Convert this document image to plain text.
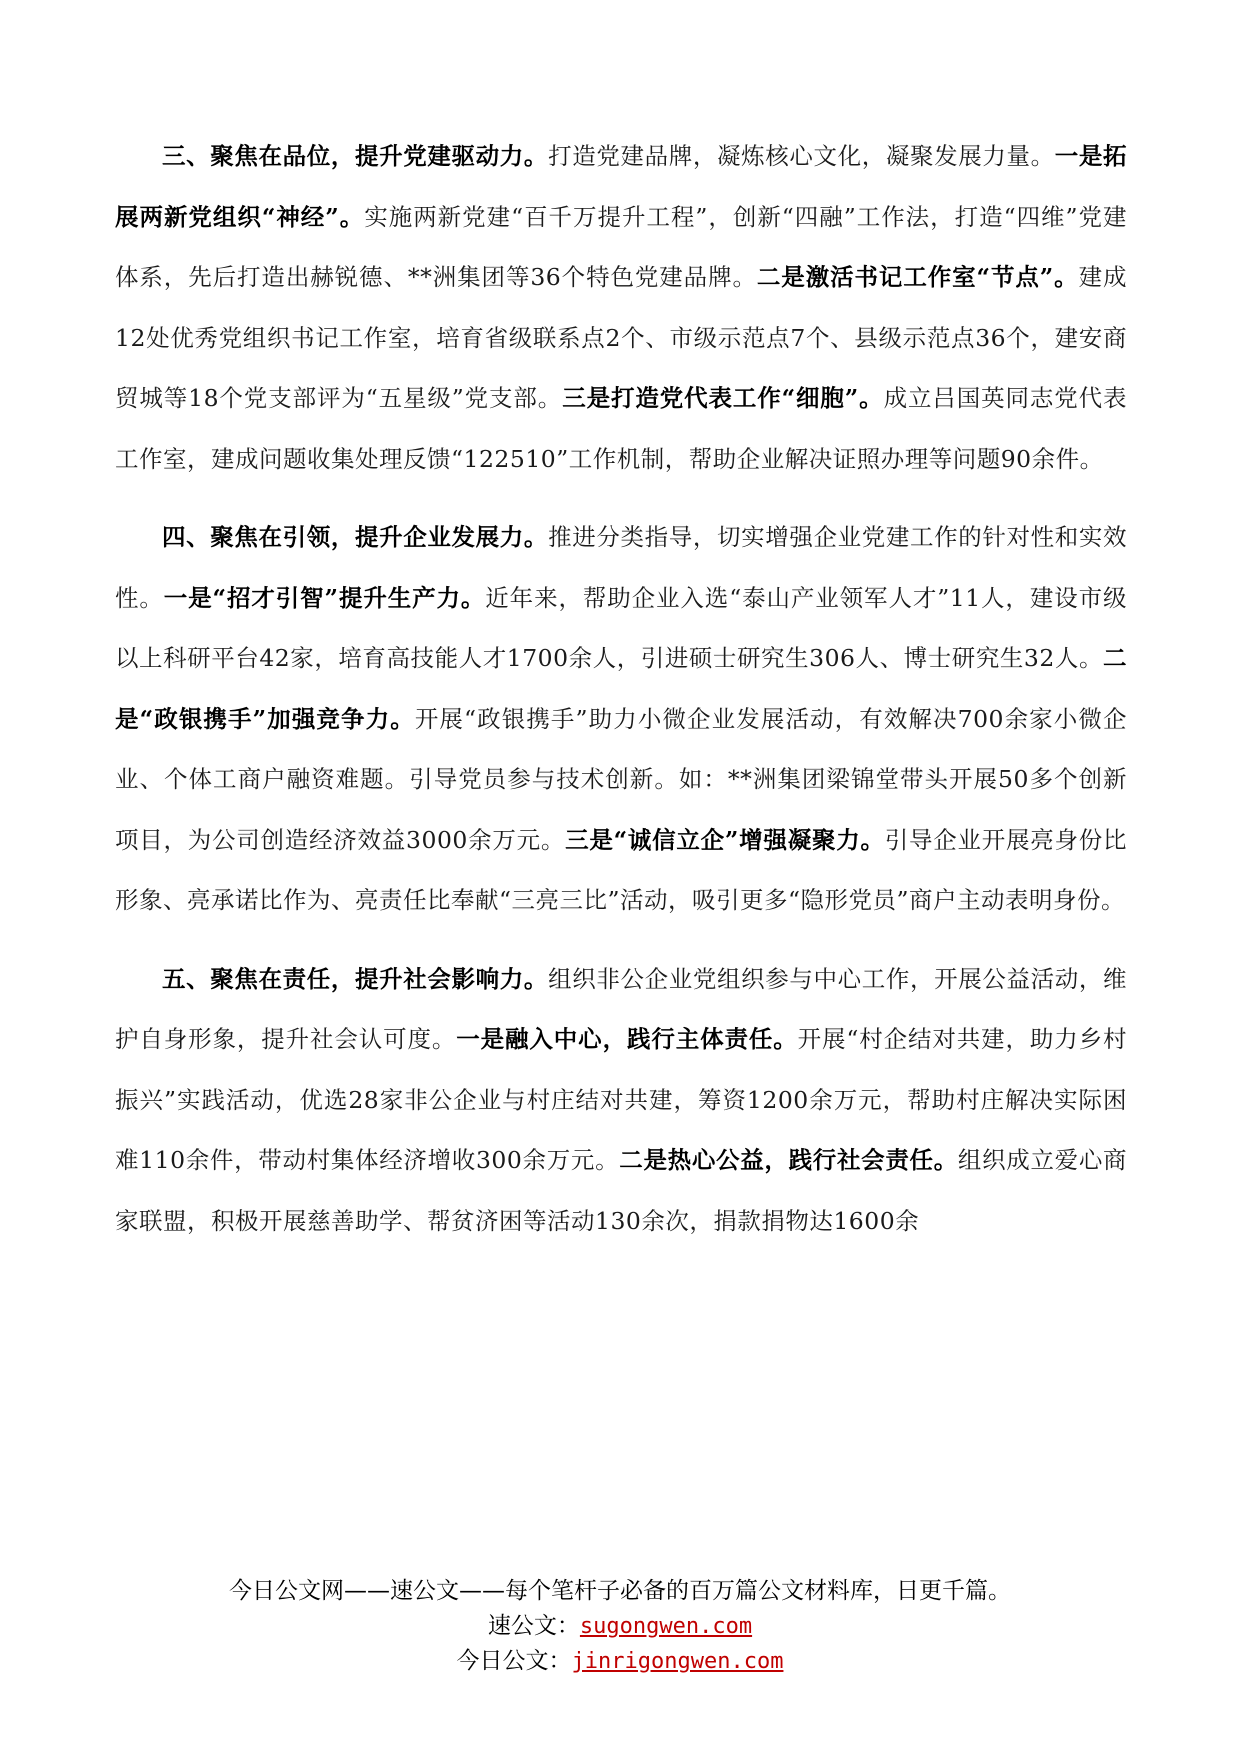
三、聚焦在品位，提升党建驱动力。打造党建品牌，凝炼核心文化，凝聚发展力量。一是拓展两新党组织“神经”。实施两新党建“百千万提升工程”，创新“四融”工作法，打造“四维”党建体系，先后打造出赫锐德、**洲集团等36个特色党建品牌。二是激活书记工作室“节点”。建成12处优秀党组织书记工作室，培育省级联系点2个、市级示范点7个、县级示范点36个，建安商贸城等18个党支部评为“五星级”党支部。三是打造党代表工作“细胞”。成立吕国英同志党代表工作室，建成问题收集处理反馈“122510”工作机制，帮助企业解决证照办理等问题90余件。

四、聚焦在引领，提升企业发展力。推进分类指导，切实增强企业党建工作的针对性和实效性。一是“招才引智”提升生产力。近年来，帮助企业入选“泰山产业领军人才”11人，建设市级以上科研平台42家，培育高技能人才1700余人，引进硕士研究生306人、博士研究生32人。二是“政银携手”加强竞争力。开展“政银携手”助力小微企业发展活动，有效解决700余家小微企业、个体工商户融资难题。引导党员参与技术创新。如：**洲集团梁锦堂带头开展50多个创新项目，为公司创造经济效益3000余万元。三是“诚信立企”增强凝聚力。引导企业开展亮身份比形象、亮承诺比作为、亮责任比奉献“三亮三比”活动，吸引更多“隐形党员”商户主动表明身份。

五、聚焦在责任，提升社会影响力。组织非公企业党组织参与中心工作，开展公益活动，维护自身形象，提升社会认可度。一是融入中心，践行主体责任。开展“村企结对共建，助力乡村振兴”实践活动，优选28家非公企业与村庄结对共建，筹资1200余万元，帮助村庄解决实际困难110余件，带动村集体经济增收300余万元。二是热心公益，践行社会责任。组织成立爱心商家联盟，积极开展慈善助学、帮贫济困等活动130余次，捐款捐物达1600余

今日公文网——速公文——每个笔杆子必备的百万篇公文材料库，日更千篇。
速公文：sugongwen.com
今日公文：jinrigongwen.com
